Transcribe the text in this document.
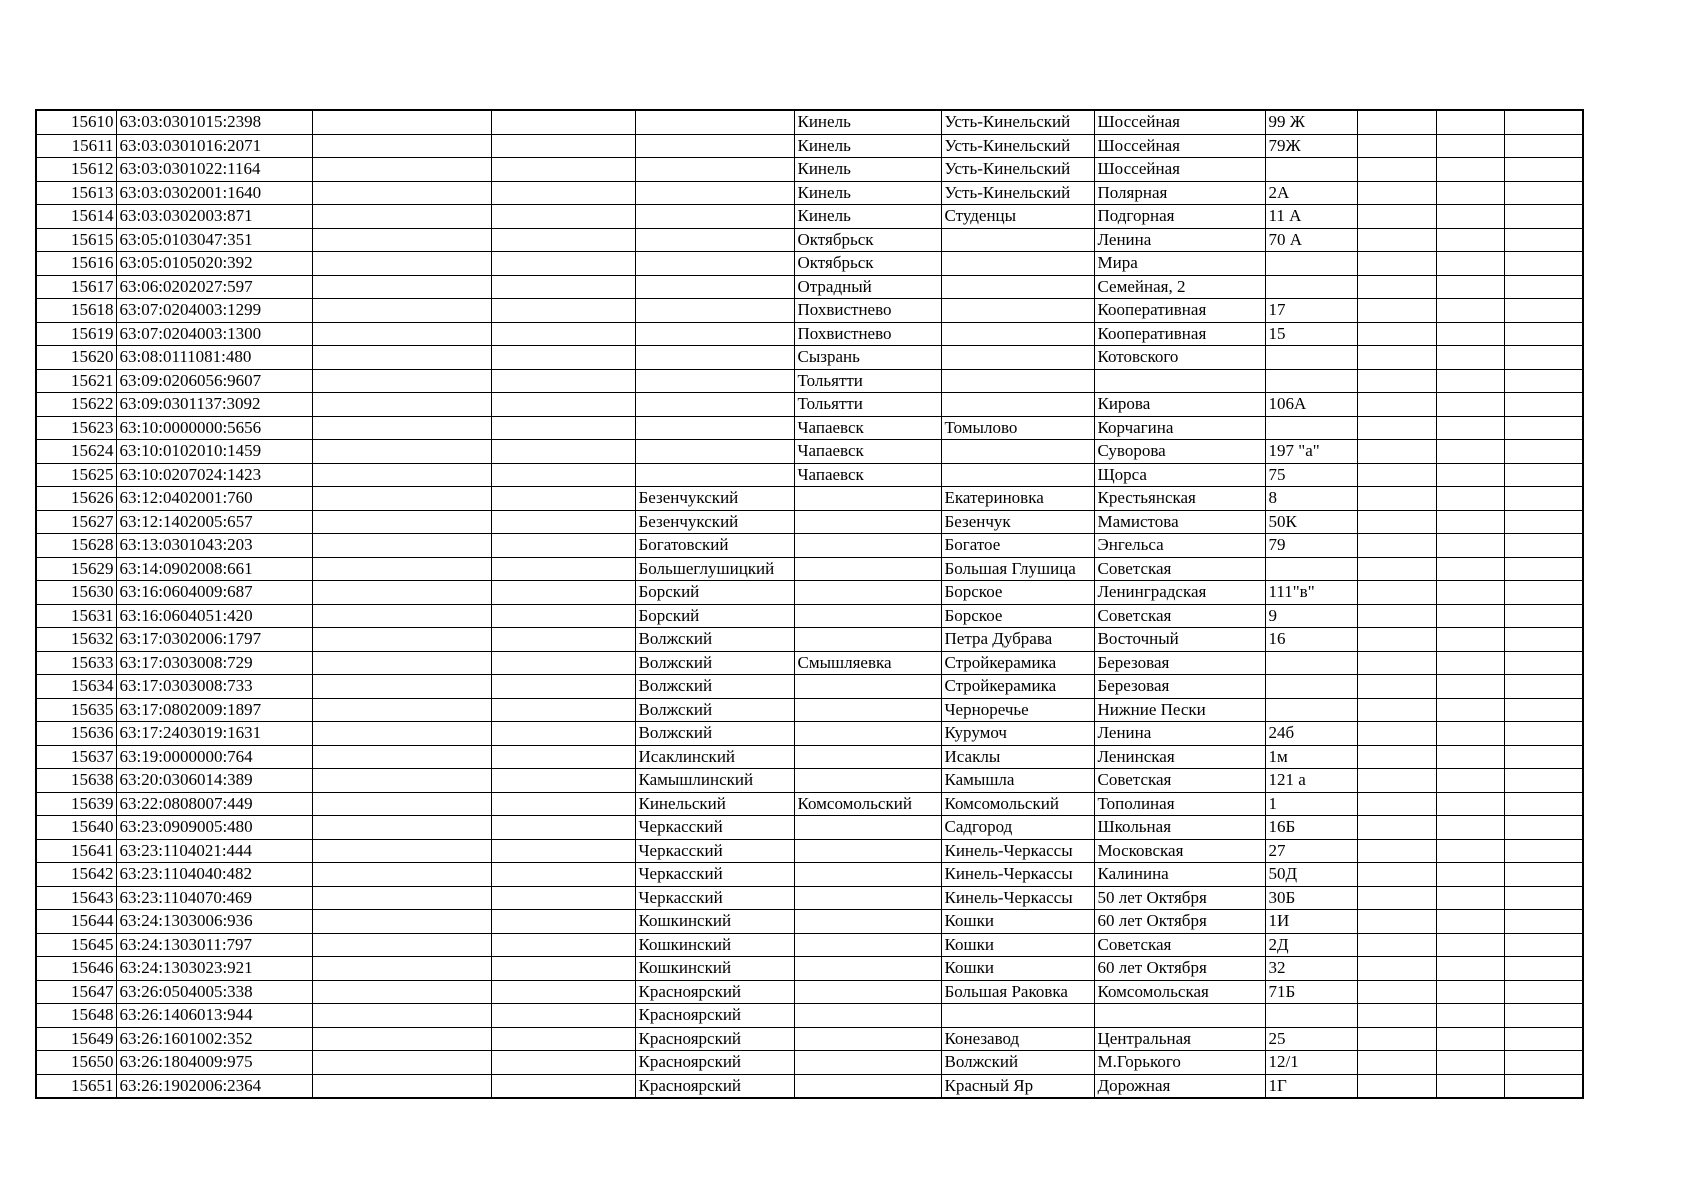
15610	63:03:0301015:2398				Кинель	Усть-Кинельский	Шоссейная	99 Ж			
15611	63:03:0301016:2071				Кинель	Усть-Кинельский	Шоссейная	79Ж			
15612	63:03:0301022:1164				Кинель	Усть-Кинельский	Шоссейная				
15613	63:03:0302001:1640				Кинель	Усть-Кинельский	Полярная	2А			
15614	63:03:0302003:871				Кинель	Студенцы	Подгорная	11 А			
15615	63:05:0103047:351				Октябрьск		Ленина	70 А			
15616	63:05:0105020:392				Октябрьск		Мира				
15617	63:06:0202027:597				Отрадный		Семейная, 2				
15618	63:07:0204003:1299				Похвистнево		Кооперативная	17			
15619	63:07:0204003:1300				Похвистнево		Кооперативная	15			
15620	63:08:0111081:480				Сызрань		Котовского				
15621	63:09:0206056:9607				Тольятти						
15622	63:09:0301137:3092				Тольятти		Кирова	106А			
15623	63:10:0000000:5656				Чапаевск	Томылово	Корчагина				
15624	63:10:0102010:1459				Чапаевск		Суворова	197 "а"			
15625	63:10:0207024:1423				Чапаевск		Щорса	75			
15626	63:12:0402001:760			Безенчукский		Екатериновка	Крестьянская	8			
15627	63:12:1402005:657			Безенчукский		Безенчук	Мамистова	50К			
15628	63:13:0301043:203			Богатовский		Богатое	Энгельса	79			
15629	63:14:0902008:661			Большеглушицкий		Большая Глушица	Советская				
15630	63:16:0604009:687			Борский		Борское	Ленинградская	111"в"			
15631	63:16:0604051:420			Борский		Борское	Советская	9			
15632	63:17:0302006:1797			Волжский		Петра Дубрава	Восточный	16			
15633	63:17:0303008:729			Волжский	Смышляевка	Стройкерамика	Березовая				
15634	63:17:0303008:733			Волжский		Стройкерамика	Березовая				
15635	63:17:0802009:1897			Волжский		Черноречье	Нижние Пески				
15636	63:17:2403019:1631			Волжский		Курумоч	Ленина	24б			
15637	63:19:0000000:764			Исаклинский		Исаклы	Ленинская	1м			
15638	63:20:0306014:389			Камышлинский		Камышла	Советская	121 а			
15639	63:22:0808007:449			Кинельский	Комсомольский	Комсомольский	Тополиная	1			
15640	63:23:0909005:480			Черкасский		Садгород	Школьная	16Б			
15641	63:23:1104021:444			Черкасский		Кинель-Черкассы	Московская	27			
15642	63:23:1104040:482			Черкасский		Кинель-Черкассы	Калинина	50Д			
15643	63:23:1104070:469			Черкасский		Кинель-Черкассы	50 лет Октября	30Б			
15644	63:24:1303006:936			Кошкинский		Кошки	60 лет Октября	1И			
15645	63:24:1303011:797			Кошкинский		Кошки	Советская	2Д			
15646	63:24:1303023:921			Кошкинский		Кошки	60 лет Октября	32			
15647	63:26:0504005:338			Красноярский		Большая Раковка	Комсомольская	71Б			
15648	63:26:1406013:944			Красноярский							
15649	63:26:1601002:352			Красноярский		Конезавод	Центральная	25			
15650	63:26:1804009:975			Красноярский		Волжский	М.Горького	12/1			
15651	63:26:1902006:2364			Красноярский		Красный Яр	Дорожная	1Г			
